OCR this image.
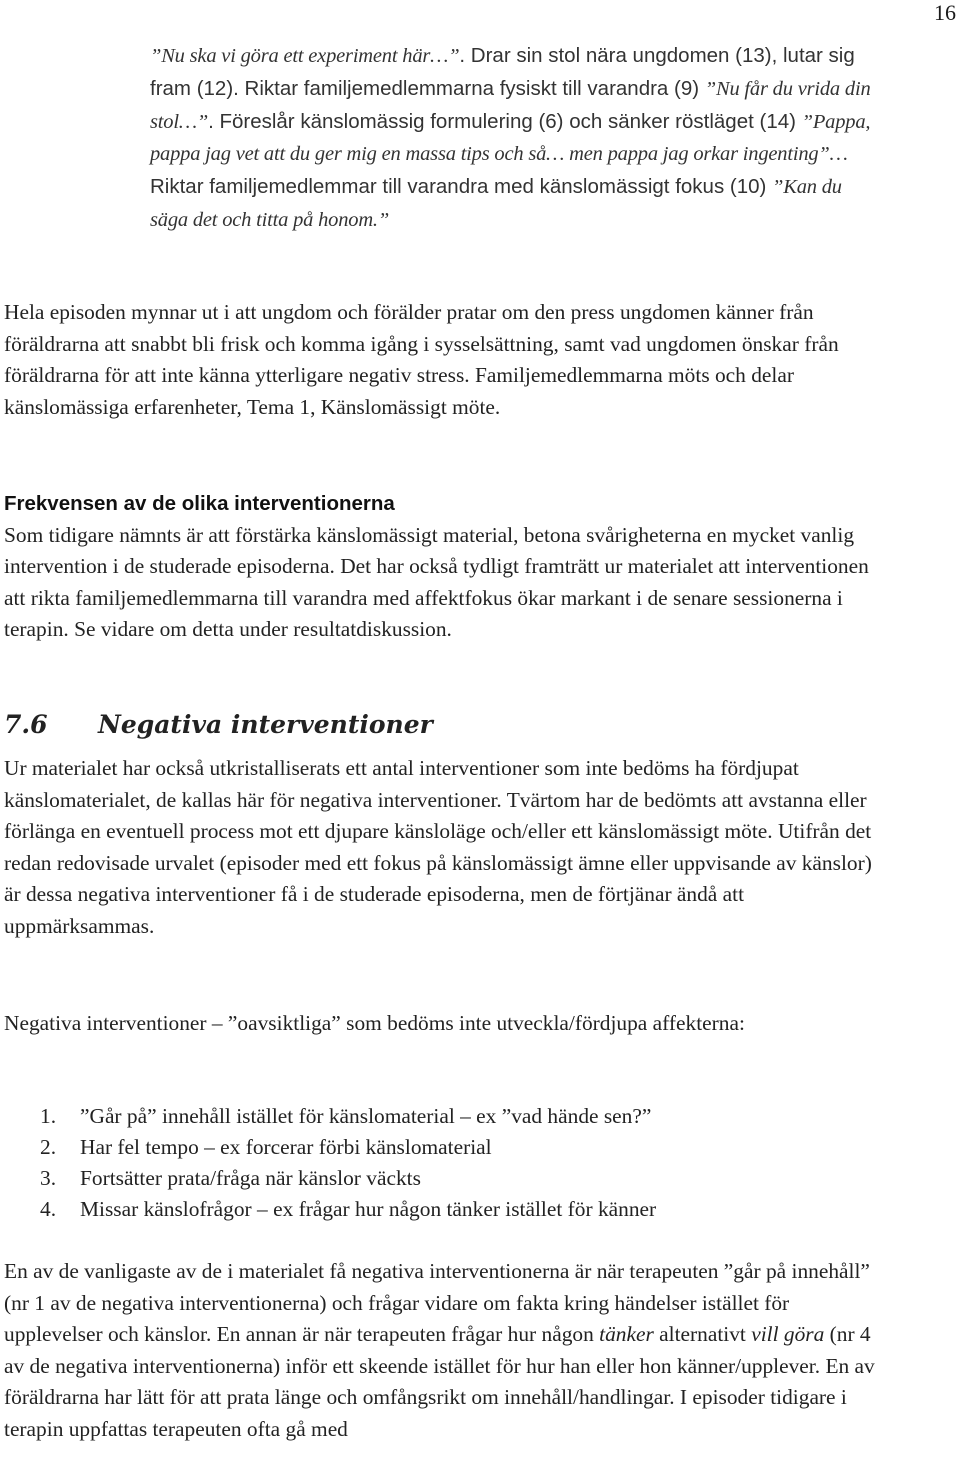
16
”Nu ska vi göra ett experiment här…”. Drar sin stol nära ungdomen (13), lutar sig fram (12). Riktar familjemedlemmarna fysiskt till varandra (9) ”Nu får du vrida din stol…”. Föreslår känslomässig formulering (6) och sänker röstläget (14) ”Pappa, pappa jag vet att du ger mig en massa tips och så… men pappa jag orkar ingenting”… Riktar familjemedlemmar till varandra med känslomässigt fokus (10) ”Kan du säga det och titta på honom.”
Hela episoden mynnar ut i att ungdom och förälder pratar om den press ungdomen känner från föräldrarna att snabbt bli frisk och komma igång i sysselsättning, samt vad ungdomen önskar från föräldrarna för att inte känna ytterligare negativ stress. Familjemedlemmarna möts och delar känslomässiga erfarenheter, Tema 1, Känslomässigt möte.
Frekvensen av de olika interventionerna
Som tidigare nämnts är att förstärka känslomässigt material, betona svårigheterna en mycket vanlig intervention i de studerade episoderna. Det har också tydligt framträtt ur materialet att interventionen att rikta familjemedlemmarna till varandra med affektfokus ökar markant i de senare sessionerna i terapin. Se vidare om detta under resultatdiskussion.
7.6 Negativa interventioner
Ur materialet har också utkristalliserats ett antal interventioner som inte bedöms ha fördjupat känslomaterialet, de kallas här för negativa interventioner. Tvärtom har de bedömts att avstanna eller förlänga en eventuell process mot ett djupare känsloläge och/eller ett känslomässigt möte. Utifrån det redan redovisade urvalet (episoder med ett fokus på känslomässigt ämne eller uppvisande av känslor) är dessa negativa interventioner få i de studerade episoderna, men de förtjänar ändå att uppmärksammas.
Negativa interventioner – ”oavsiktliga” som bedöms inte utveckla/fördjupa affekterna:
1.	”Går på” innehåll istället för känslomaterial – ex ”vad hände sen?”
2.	Har fel tempo – ex forcerar förbi känslomaterial
3.	Fortsätter prata/fråga när känslor väckts
4.	Missar känslofrågor – ex frågar hur någon tänker istället för känner
En av de vanligaste av de i materialet få negativa interventionerna är när terapeuten ”går på innehåll” (nr 1 av de negativa interventionerna) och frågar vidare om fakta kring händelser istället för upplevelser och känslor. En annan är när terapeuten frågar hur någon tänker alternativt vill göra (nr 4 av de negativa interventionerna) inför ett skeende istället för hur han eller hon känner/upplever. En av föräldrarna har lätt för att prata länge och omfångsrikt om innehåll/handlingar. I episoder tidigare i terapin uppfattas terapeuten ofta gå med
